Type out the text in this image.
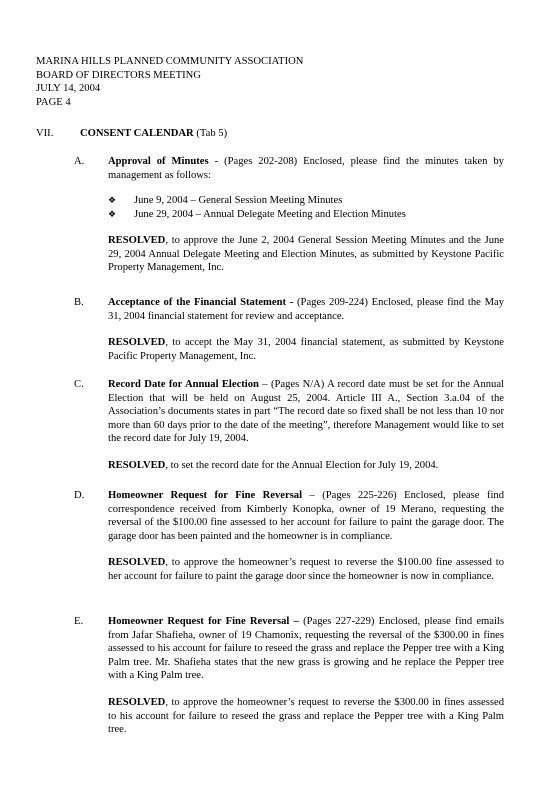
MARINA HILLS PLANNED COMMUNITY ASSOCIATION
BOARD OF DIRECTORS MEETING
JULY 14, 2004
PAGE 4
VII.	CONSENT CALENDAR (Tab 5)
A. Approval of Minutes - (Pages 202-208) Enclosed, please find the minutes taken by management as follows:
❖ June 9, 2004 – General Session Meeting Minutes
❖ June 29, 2004 – Annual Delegate Meeting and Election Minutes
RESOLVED, to approve the June 2, 2004 General Session Meeting Minutes and the June 29, 2004 Annual Delegate Meeting and Election Minutes, as submitted by Keystone Pacific Property Management, Inc.
B. Acceptance of the Financial Statement - (Pages 209-224) Enclosed, please find the May 31, 2004 financial statement for review and acceptance.
RESOLVED, to accept the May 31, 2004 financial statement, as submitted by Keystone Pacific Property Management, Inc.
C. Record Date for Annual Election – (Pages N/A) A record date must be set for the Annual Election that will be held on August 25, 2004. Article III A., Section 3.a.04 of the Association’s documents states in part “The record date so fixed shall be not less than 10 nor more than 60 days prior to the date of the meeting”, therefore Management would like to set the record date for July 19, 2004.
RESOLVED, to set the record date for the Annual Election for July 19, 2004.
D. Homeowner Request for Fine Reversal – (Pages 225-226) Enclosed, please find correspondence received from Kimberly Konopka, owner of 19 Merano, requesting the reversal of the $100.00 fine assessed to her account for failure to paint the garage door. The garage door has been painted and the homeowner is in compliance.
RESOLVED, to approve the homeowner’s request to reverse the $100.00 fine assessed to her account for failure to paint the garage door since the homeowner is now in compliance.
E. Homeowner Request for Fine Reversal – (Pages 227-229) Enclosed, please find emails from Jafar Shafieha, owner of 19 Chamonix, requesting the reversal of the $300.00 in fines assessed to his account for failure to reseed the grass and replace the Pepper tree with a King Palm tree. Mr. Shafieha states that the new grass is growing and he replace the Pepper tree with a King Palm tree.
RESOLVED, to approve the homeowner’s request to reverse the $300.00 in fines assessed to his account for failure to reseed the grass and replace the Pepper tree with a King Palm tree.
